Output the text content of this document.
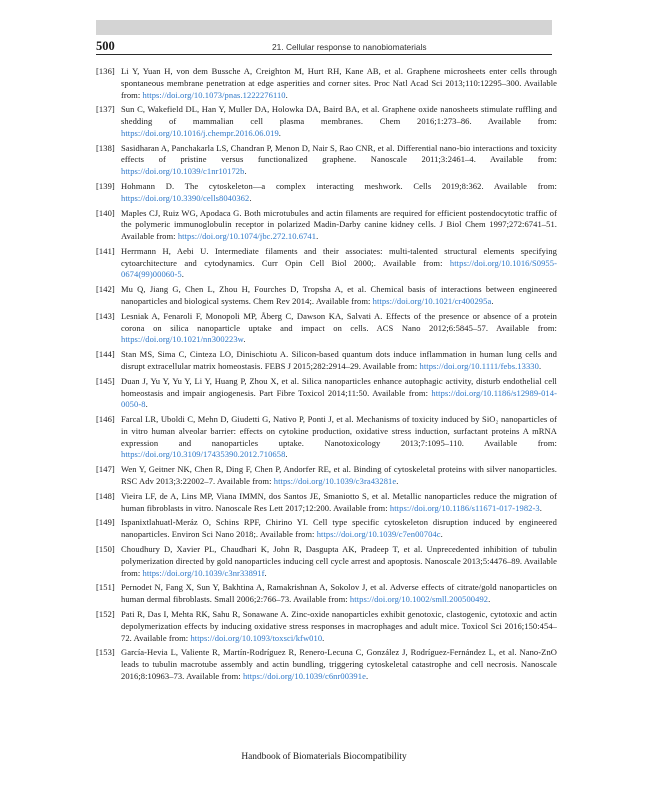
500	21. Cellular response to nanobiomaterials

[136] Li Y, Yuan H, von dem Bussche A, Creighton M, Hurt RH, Kane AB, et al. Graphene microsheets enter cells through spontaneous membrane penetration at edge asperities and corner sites. Proc Natl Acad Sci 2013;110:12295–300. Available from: https://doi.org/10.1073/pnas.1222276110.

[137] Sun C, Wakefield DL, Han Y, Muller DA, Holowka DA, Baird BA, et al. Graphene oxide nanosheets stimulate ruffling and shedding of mammalian cell plasma membranes. Chem 2016;1:273–86. Available from: https://doi.org/10.1016/j.chempr.2016.06.019.

[138] Sasidharan A, Panchakarla LS, Chandran P, Menon D, Nair S, Rao CNR, et al. Differential nano-bio interactions and toxicity effects of pristine versus functionalized graphene. Nanoscale 2011;3:2461–4. Available from: https://doi.org/10.1039/c1nr10172b.

[139] Hohmann D. The cytoskeleton—a complex interacting meshwork. Cells 2019;8:362. Available from: https://doi.org/10.3390/cells8040362.

[140] Maples CJ, Ruiz WG, Apodaca G. Both microtubules and actin filaments are required for efficient postendocytotic traffic of the polymeric immunoglobulin receptor in polarized Madin-Darby canine kidney cells. J Biol Chem 1997;272:6741–51. Available from: https://doi.org/10.1074/jbc.272.10.6741.

[141] Herrmann H, Aebi U. Intermediate filaments and their associates: multi-talented structural elements specifying cytoarchitecture and cytodynamics. Curr Opin Cell Biol 2000;. Available from: https://doi.org/10.1016/S0955-0674(99)00060-5.

[142] Mu Q, Jiang G, Chen L, Zhou H, Fourches D, Tropsha A, et al. Chemical basis of interactions between engineered nanoparticles and biological systems. Chem Rev 2014;. Available from: https://doi.org/10.1021/cr400295a.

[143] Lesniak A, Fenaroli F, Monopoli MP, Åberg C, Dawson KA, Salvati A. Effects of the presence or absence of a protein corona on silica nanoparticle uptake and impact on cells. ACS Nano 2012;6:5845–57. Available from: https://doi.org/10.1021/nn300223w.

[144] Stan MS, Sima C, Cinteza LO, Dinischiotu A. Silicon-based quantum dots induce inflammation in human lung cells and disrupt extracellular matrix homeostasis. FEBS J 2015;282:2914–29. Available from: https://doi.org/10.1111/febs.13330.

[145] Duan J, Yu Y, Yu Y, Li Y, Huang P, Zhou X, et al. Silica nanoparticles enhance autophagic activity, disturb endothelial cell homeostasis and impair angiogenesis. Part Fibre Toxicol 2014;11:50. Available from: https://doi.org/10.1186/s12989-014-0050-8.

[146] Farcal LR, Uboldi C, Mehn D, Giudetti G, Nativo P, Ponti J, et al. Mechanisms of toxicity induced by SiO₂ nanoparticles of in vitro human alveolar barrier: effects on cytokine production, oxidative stress induction, surfactant proteins A mRNA expression and nanoparticles uptake. Nanotoxicology 2013;7:1095–110. Available from: https://doi.org/10.3109/17435390.2012.710658.

[147] Wen Y, Geitner NK, Chen R, Ding F, Chen P, Andorfer RE, et al. Binding of cytoskeletal proteins with silver nanoparticles. RSC Adv 2013;3:22002–7. Available from: https://doi.org/10.1039/c3ra43281e.

[148] Vieira LF, de A, Lins MP, Viana IMMN, dos Santos JE, Smaniotto S, et al. Metallic nanoparticles reduce the migration of human fibroblasts in vitro. Nanoscale Res Lett 2017;12:200. Available from: https://doi.org/10.1186/s11671-017-1982-3.

[149] Ispanixtlahuatl-Meráz O, Schins RPF, Chirino YI. Cell type specific cytoskeleton disruption induced by engineered nanoparticles. Environ Sci Nano 2018;. Available from: https://doi.org/10.1039/c7en00704c.

[150] Choudhury D, Xavier PL, Chaudhari K, John R, Dasgupta AK, Pradeep T, et al. Unprecedented inhibition of tubulin polymerization directed by gold nanoparticles inducing cell cycle arrest and apoptosis. Nanoscale 2013;5:4476–89. Available from: https://doi.org/10.1039/c3nr33891f.

[151] Pernodet N, Fang X, Sun Y, Bakhtina A, Ramakrishnan A, Sokolov J, et al. Adverse effects of citrate/gold nanoparticles on human dermal fibroblasts. Small 2006;2:766–73. Available from: https://doi.org/10.1002/smll.200500492.

[152] Pati R, Das I, Mehta RK, Sahu R, Sonawane A. Zinc-oxide nanoparticles exhibit genotoxic, clastogenic, cytotoxic and actin depolymerization effects by inducing oxidative stress responses in macrophages and adult mice. Toxicol Sci 2016;150:454–72. Available from: https://doi.org/10.1093/toxsci/kfw010.

[153] García-Hevia L, Valiente R, Martín-Rodríguez R, Renero-Lecuna C, González J, Rodríguez-Fernández L, et al. Nano-ZnO leads to tubulin macrotube assembly and actin bundling, triggering cytoskeletal catastrophe and cell necrosis. Nanoscale 2016;8:10963–73. Available from: https://doi.org/10.1039/c6nr00391e.

Handbook of Biomaterials Biocompatibility
